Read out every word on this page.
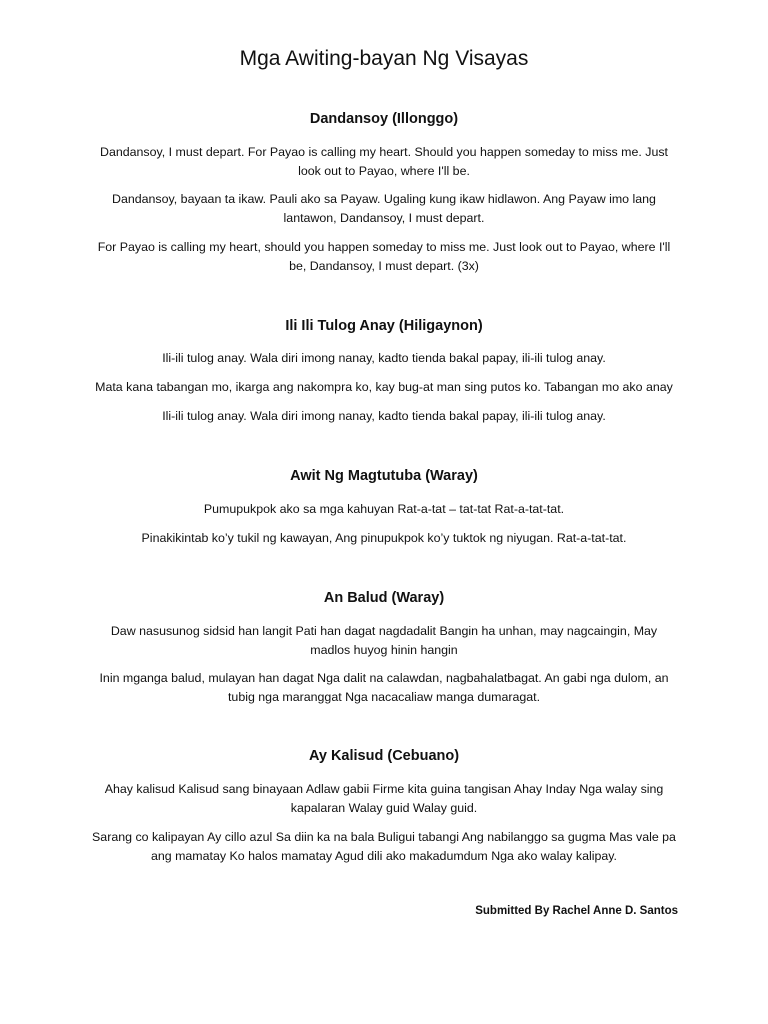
Mga Awiting-bayan Ng Visayas
Dandansoy (Illonggo)

Dandansoy, I must depart. For Payao is calling my heart. Should you happen someday to miss me. Just look out to Payao, where I'll be.

Dandansoy, bayaan ta ikaw. Pauli ako sa Payaw. Ugaling kung ikaw hidlawon. Ang Payaw imo lang lantawon, Dandansoy, I must depart.

For Payao is calling my heart, should you happen someday to miss me. Just look out to Payao, where I'll be, Dandansoy, I must depart. (3x)

Ili Ili Tulog Anay (Hiligaynon)

Ili-ili tulog anay. Wala diri imong nanay, kadto tienda bakal papay, ili-ili tulog anay.

Mata kana tabangan mo, ikarga ang nakompra ko, kay bug-at man sing putos ko. Tabangan mo ako anay

Ili-ili tulog anay. Wala diri imong nanay, kadto tienda bakal papay, ili-ili tulog anay.

Awit Ng Magtutuba (Waray)

Pumupukpok ako sa mga kahuyan Rat-a-tat – tat-tat Rat-a-tat-tat.

Pinakikintab ko’y tukil ng kawayan, Ang pinupukpok ko’y tuktok ng niyugan. Rat-a-tat-tat.

An Balud (Waray)

Daw nasusunog sidsid han langit Pati han dagat nagdadalit Bangin ha unhan, may nagcaingin, May madlos huyog hinin hangin

Inin mganga balud, mulayan han dagat Nga dalit na calawdan, nagbahalatbagat. An gabi nga dulom, an tubig nga maranggat Nga nacacaliaw manga dumaragat.

Ay Kalisud (Cebuano)

Ahay kalisud Kalisud sang binayaan Adlaw gabii Firme kita guina tangisan Ahay Inday Nga walay sing kapalaran Walay guid Walay guid.

Sarang co kalipayan Ay cillo azul Sa diin ka na bala Buligui tabangi Ang nabilanggo sa gugma Mas vale pa ang mamatay Ko halos mamatay Agud dili ako makadumdum Nga ako walay kalipay.

Submitted By Rachel Anne D. Santos
